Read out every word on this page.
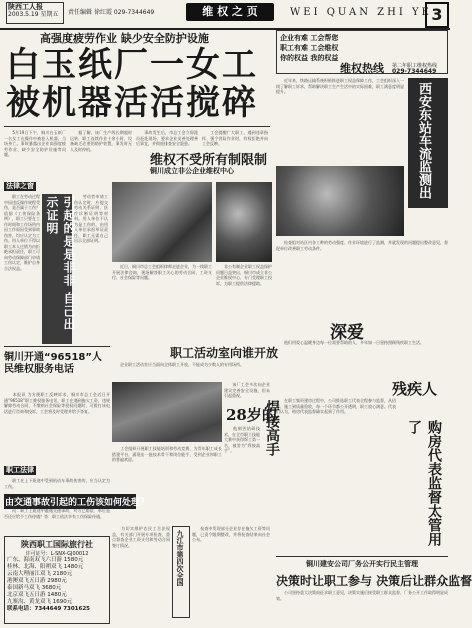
陕西工人报
2003.5.19 星期五	责任编辑 徐红霞 029-7344649	维 权 之 页	WEI QUAN ZHI YE 3
高强度疲劳作业 缺少安全防护设施
白玉纸厂一女工被机器活活搅碎
　　5月19日下午，铜川白玉纸厂一名女工在操作中被卷入机器，当场身亡。事故暴露出企业高强度疲劳作业、缺少安全防护设施等问题。
　　据了解，该厂生产线长期超时运转，职工连续作业十余小时，设备缺乏必要的防护装置，事发时无人及时停机。
　　事故发生后，市总工会立即派员赶赴现场，要求企业妥善处理善后事宜，并彻底排查安全隐患。
　　工会提醒广大职工，遇到违章指挥、强令冒险作业时，有权拒绝并向工会反映。
法律之窗
　　职工在劳动过程中因违反操作规程受伤，是否属于工伤？依据《工伤保险条例》，职工只要在工作时间和工作场所内因工作原因受到事故伤害，均应认定为工伤。用人单位不得以职工本人过错为由拒绝承担责任，职工可向劳动保障部门申请工伤认定，维护自身合法权益。	引起的是是非非 自己出示证明	　　劳动者申请工伤认定时，应提交劳动关系证明、医疗诊断证明等材料。用人单位不认为是工伤的，由用人单位承担举证责任，职工无需自己出示全部证明。
　　近日，铜川市总工会组织律师走进企业，为一线职工开展法律咨询，现场解答职工关心的劳动合同、工资支付、社会保险等问题。
维权不受所有制限制
铜川成立非公企业维权中心
　　非公有制企业职工权益保护问题日益突出，铜川市成立非公企业维权中心，专门受理职工投诉，为职工提供法律援助。
职工活动室向谁开放
　　企业职工活动室应当面向全体职工开放，不能成为少数人的专用场所。
铜川开通“96518”人民维权服务电话
　　本报讯 为方便职工反映诉求，铜川市总工会近日开通“96518”职工维权服务电话，职工在遇到拖欠工资、违规解除劳动合同、不缴纳社会保险等侵权问题时，可拨打该电话进行咨询和投诉，工会将及时受理并给予答复。
职工法律
　　职工在上下班途中受到机动车事故伤害的，应当认定为工伤。
由交通事故引起的工伤该如何处理？
　　问：职工上班途中遭遇交通事故，对方已赔偿，单位是否还应给予工伤待遇？答：职工依法享有工伤保险待遇。
陕西职工国际旅行社
许可证号：L-SNX-GJ00012
广东、海南双飞六日游 1580元
桂林、北海、阳朔双飞 1480元
云南大理丽江双飞 2180元
港澳双飞五日游 2980元
泰国新马双飞 3680元
北京双飞五日游 1480元
九寨沟、黄龙双飞 1690元
联系电话：7344649 7301625
　　该厂工会多次向企业建议完善安全设施，但未引起重视。
28岁的
焊接高手
　　他刻苦钻研技术，在全市职工技能大赛中获得焊工第一名，被誉为“焊接高手”。
　　工会组织开展职工技能培训和劳动竞赛，为青年职工成长搭建平台，涌现出一批技术骨干和岗位能手，受到企业和职工的普遍欢迎。
九江市第四次全国
　　为切实维护农民工合法权益，有关部门开展专项检查，重点督查企业工资支付和劳动合同签订情况。
　　检查中发现部分企业存在拖欠工资等问题，已责令限期整改，并将检查结果向社会公布。
企业有难 工会帮您
职工有难 工会维权
你的权益 我的权益
维权热线 第二年职工维权热线
029-7344649
　　近年来，铁路运输系统积极推进职工权益保障工作，工会组织深入一线了解职工诉求，帮助解决职工生产生活中的实际困难，职工满意度明显提升。	西安东站车流监测出
　　检查组对站区内各工种的劳动强度、作业环境进行了监测，并就发现的问题提出整改意见，督促单位改善职工劳动条件。
深爱
　　他们用爱心温暖身边每一位需要帮助的人，多年如一日坚持照顾残疾职工生活。
残疾人
　　在职工集资建房过程中，公司推选职工代表全程参与监督，从招标、施工到质量验收，每一个环节都公开透明，职工放心满意。代表们认为，购房代表监督确实起到了作用。
购房代表监督太管用了
铜川建安公司厂务公开实行民主管理
决策时让职工参与 决策后让群众监督
　　公司坚持重大决策前征求职工意见，决策实施后接受职工群众监督，厂务公开工作取得明显成效。
